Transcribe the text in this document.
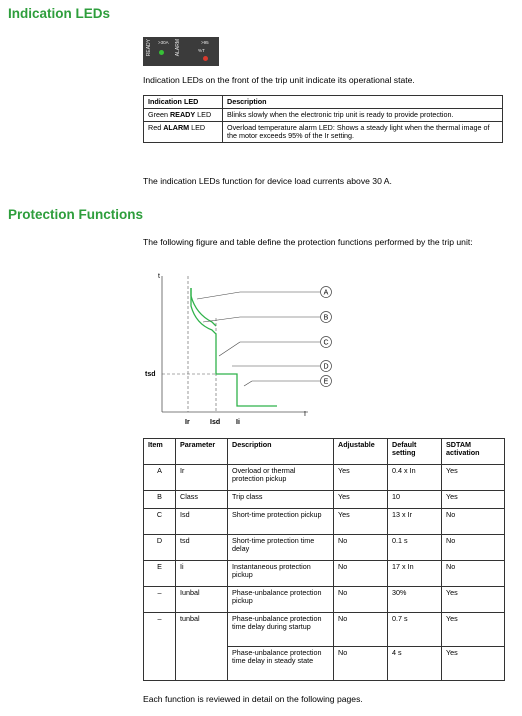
Indication LEDs
READY >30A ALARM	>95
%T
Indication LEDs on the front of the trip unit indicate its operational state.
Indication LED	Description
Green READY LED	Blinks slowly when the electronic trip unit is ready to provide protection.
Red ALARM LED	Overload temperature alarm LED: Shows a steady light when the thermal image of the motor exceeds 95% of the Ir setting.
The indication LEDs function for device load currents above 30 A.
Protection Functions
The following figure and table define the protection functions performed by the trip unit:
t
I
tsd
Ir	Isd Ii
A
B
C
D
E
Item	Parameter	Description	Adjustable	Default setting	SDTAM activation
A	Ir	Overload or thermal protection pickup	Yes	0.4 x In	Yes
B	Class	Trip class	Yes	10	Yes
C	Isd	Short-time protection pickup	Yes	13 x Ir	No
D	tsd	Short-time protection time delay	No	0.1 s	No
E	Ii	Instantaneous protection pickup	No	17 x In	No
–	Iunbal	Phase-unbalance protection pickup	No	30%	Yes
–	tunbal	Phase-unbalance protection time delay during startup	No	0.7 s	Yes
		Phase-unbalance protection time delay in steady state	No	4 s	Yes
Each function is reviewed in detail on the following pages.
